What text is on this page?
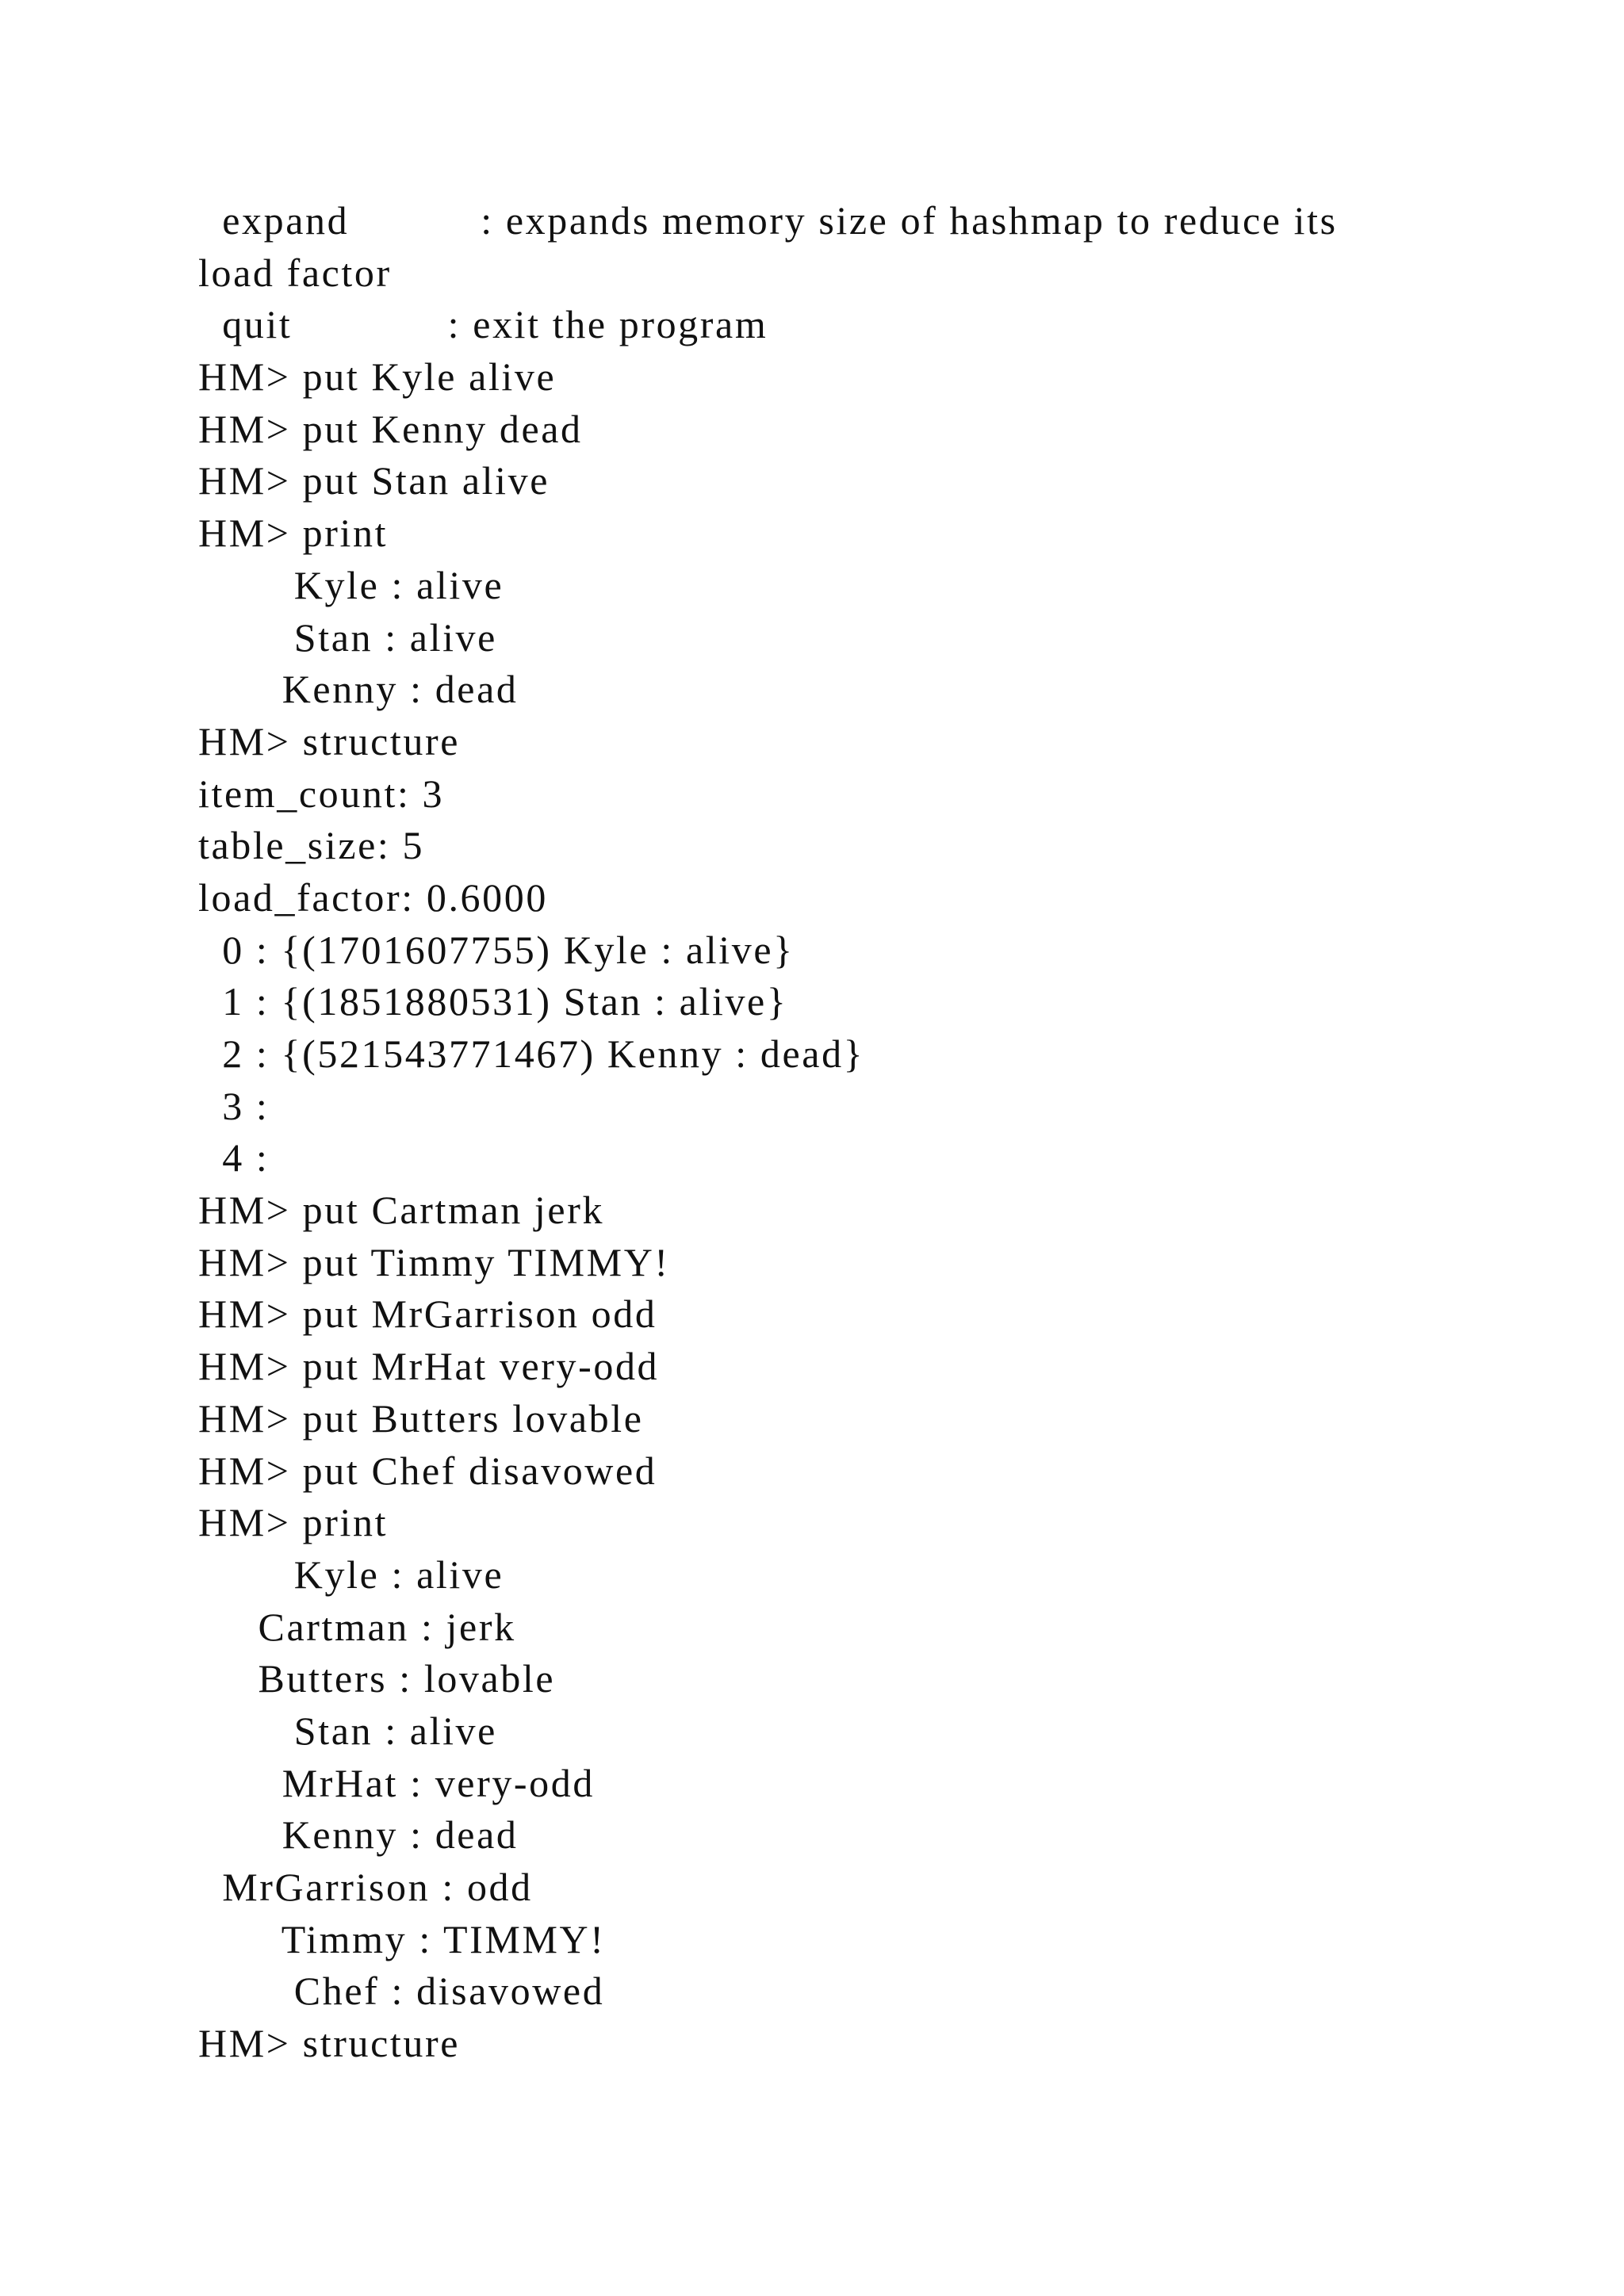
expand           : expands memory size of hashmap to reduce its
load factor
quit             : exit the program
HM> put Kyle alive
HM> put Kenny dead
HM> put Stan alive
HM> print
Kyle : alive
Stan : alive
Kenny : dead
HM> structure
item_count: 3
table_size: 5
load_factor: 0.6000
0 : {(1701607755) Kyle : alive}
1 : {(1851880531) Stan : alive}
2 : {(521543771467) Kenny : dead}
3 :
4 :
HM> put Cartman jerk
HM> put Timmy TIMMY!
HM> put MrGarrison odd
HM> put MrHat very-odd
HM> put Butters lovable
HM> put Chef disavowed
HM> print
Kyle : alive
Cartman : jerk
Butters : lovable
Stan : alive
MrHat : very-odd
Kenny : dead
MrGarrison : odd
Timmy : TIMMY!
Chef : disavowed
HM> structure
